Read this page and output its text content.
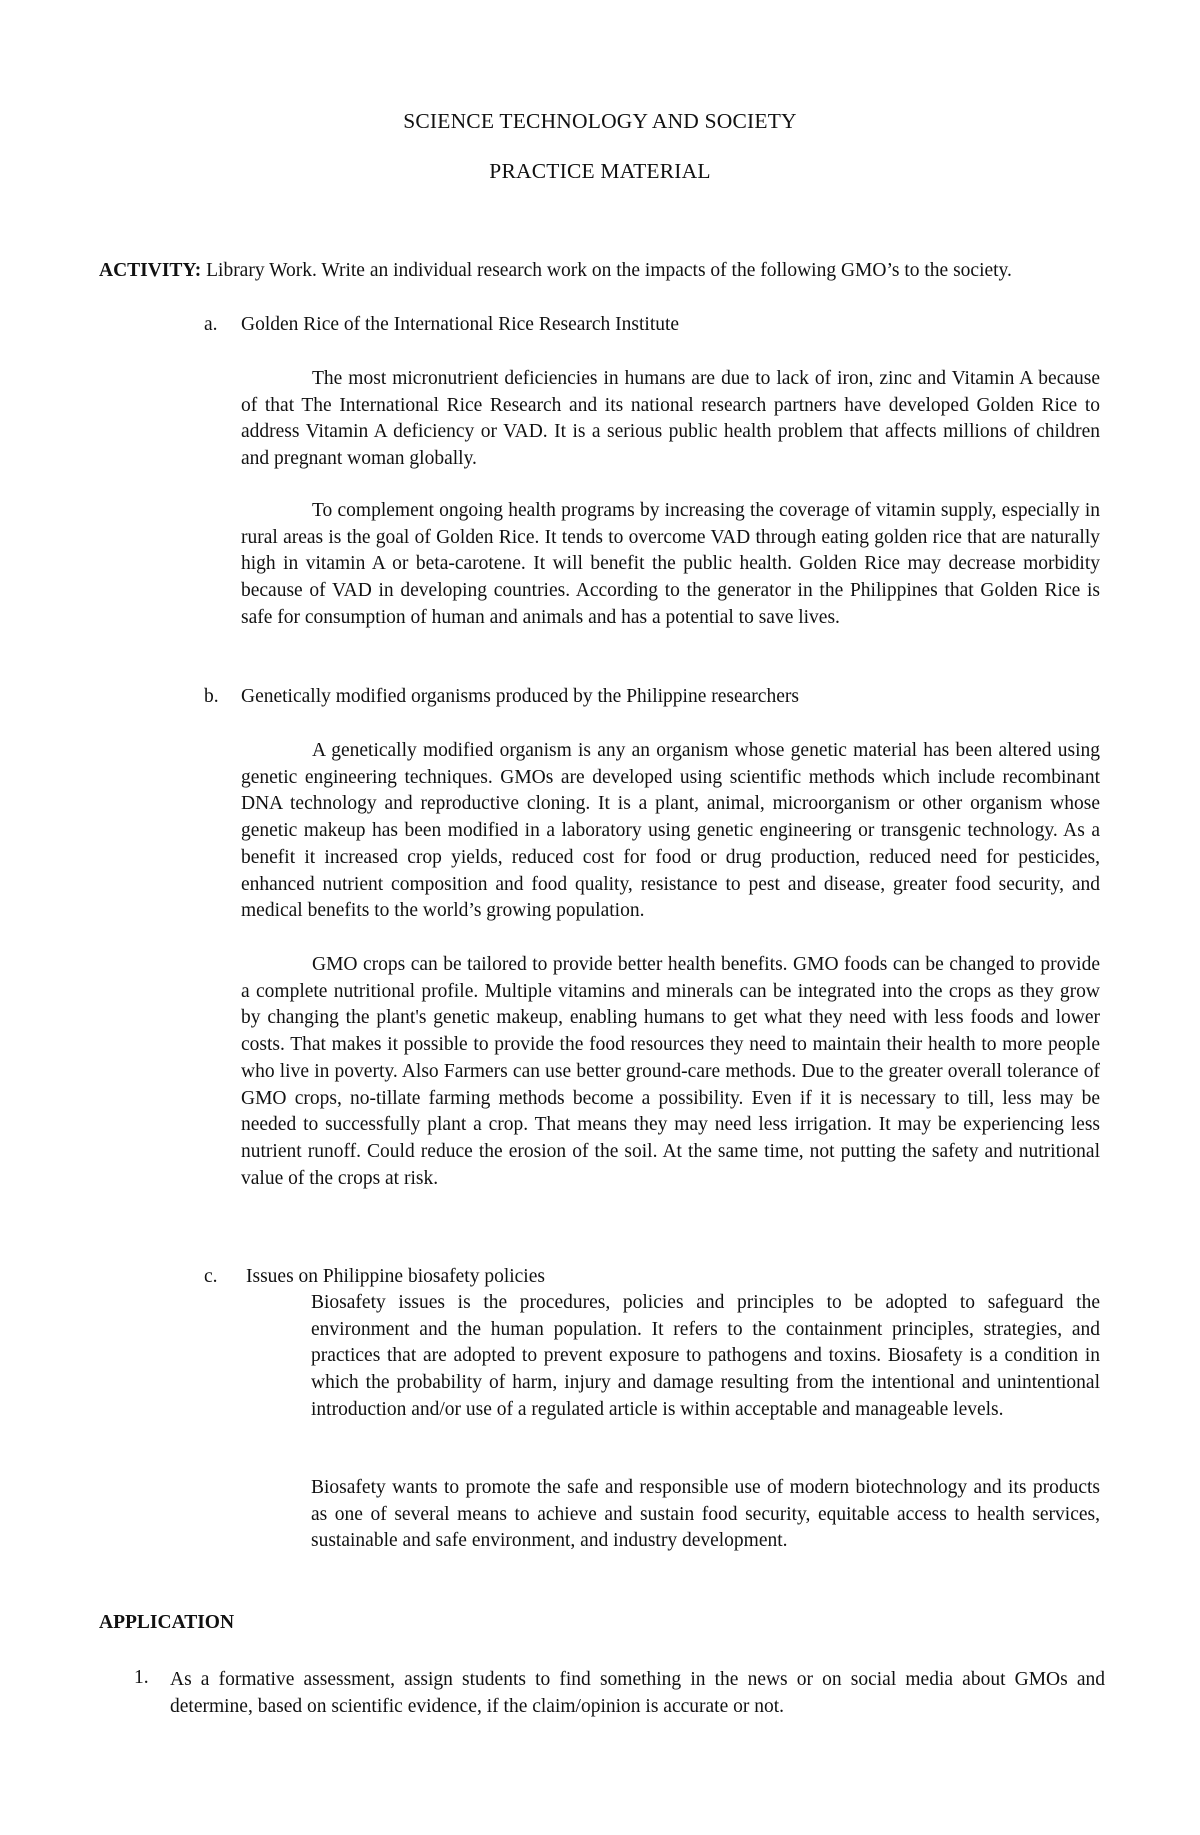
SCIENCE TECHNOLOGY AND SOCIETY
PRACTICE MATERIAL
ACTIVITY: Library Work. Write an individual research work on the impacts of the following GMO’s to the society.
a. Golden Rice of the International Rice Research Institute
The most micronutrient deficiencies in humans are due to lack of iron, zinc and Vitamin A because of that The International Rice Research and its national research partners have developed Golden Rice to address Vitamin A deficiency or VAD. It is a serious public health problem that affects millions of children and pregnant woman globally.
To complement ongoing health programs by increasing the coverage of vitamin supply, especially in rural areas is the goal of Golden Rice. It tends to overcome VAD through eating golden rice that are naturally high in vitamin A or beta-carotene. It will benefit the public health. Golden Rice may decrease morbidity because of VAD in developing countries. According to the generator in the Philippines that Golden Rice is safe for consumption of human and animals and has a potential to save lives.
b. Genetically modified organisms produced by the Philippine researchers
A genetically modified organism is any an organism whose genetic material has been altered using genetic engineering techniques. GMOs are developed using scientific methods which include recombinant DNA technology and reproductive cloning. It is a plant, animal, microorganism or other organism whose genetic makeup has been modified in a laboratory using genetic engineering or transgenic technology. As a benefit it increased crop yields, reduced cost for food or drug production, reduced need for pesticides, enhanced nutrient composition and food quality, resistance to pest and disease, greater food security, and medical benefits to the world’s growing population.
GMO crops can be tailored to provide better health benefits. GMO foods can be changed to provide a complete nutritional profile. Multiple vitamins and minerals can be integrated into the crops as they grow by changing the plant's genetic makeup, enabling humans to get what they need with less foods and lower costs. That makes it possible to provide the food resources they need to maintain their health to more people who live in poverty. Also Farmers can use better ground-care methods. Due to the greater overall tolerance of GMO crops, no-tillate farming methods become a possibility. Even if it is necessary to till, less may be needed to successfully plant a crop. That means they may need less irrigation. It may be experiencing less nutrient runoff. Could reduce the erosion of the soil. At the same time, not putting the safety and nutritional value of the crops at risk.
c. Issues on Philippine biosafety policies
Biosafety issues is the procedures, policies and principles to be adopted to safeguard the environment and the human population. It refers to the containment principles, strategies, and practices that are adopted to prevent exposure to pathogens and toxins. Biosafety is a condition in which the probability of harm, injury and damage resulting from the intentional and unintentional introduction and/or use of a regulated article is within acceptable and manageable levels.
Biosafety wants to promote the safe and responsible use of modern biotechnology and its products as one of several means to achieve and sustain food security, equitable access to health services, sustainable and safe environment, and industry development.
APPLICATION
1. As a formative assessment, assign students to find something in the news or on social media about GMOs and determine, based on scientific evidence, if the claim/opinion is accurate or not.
